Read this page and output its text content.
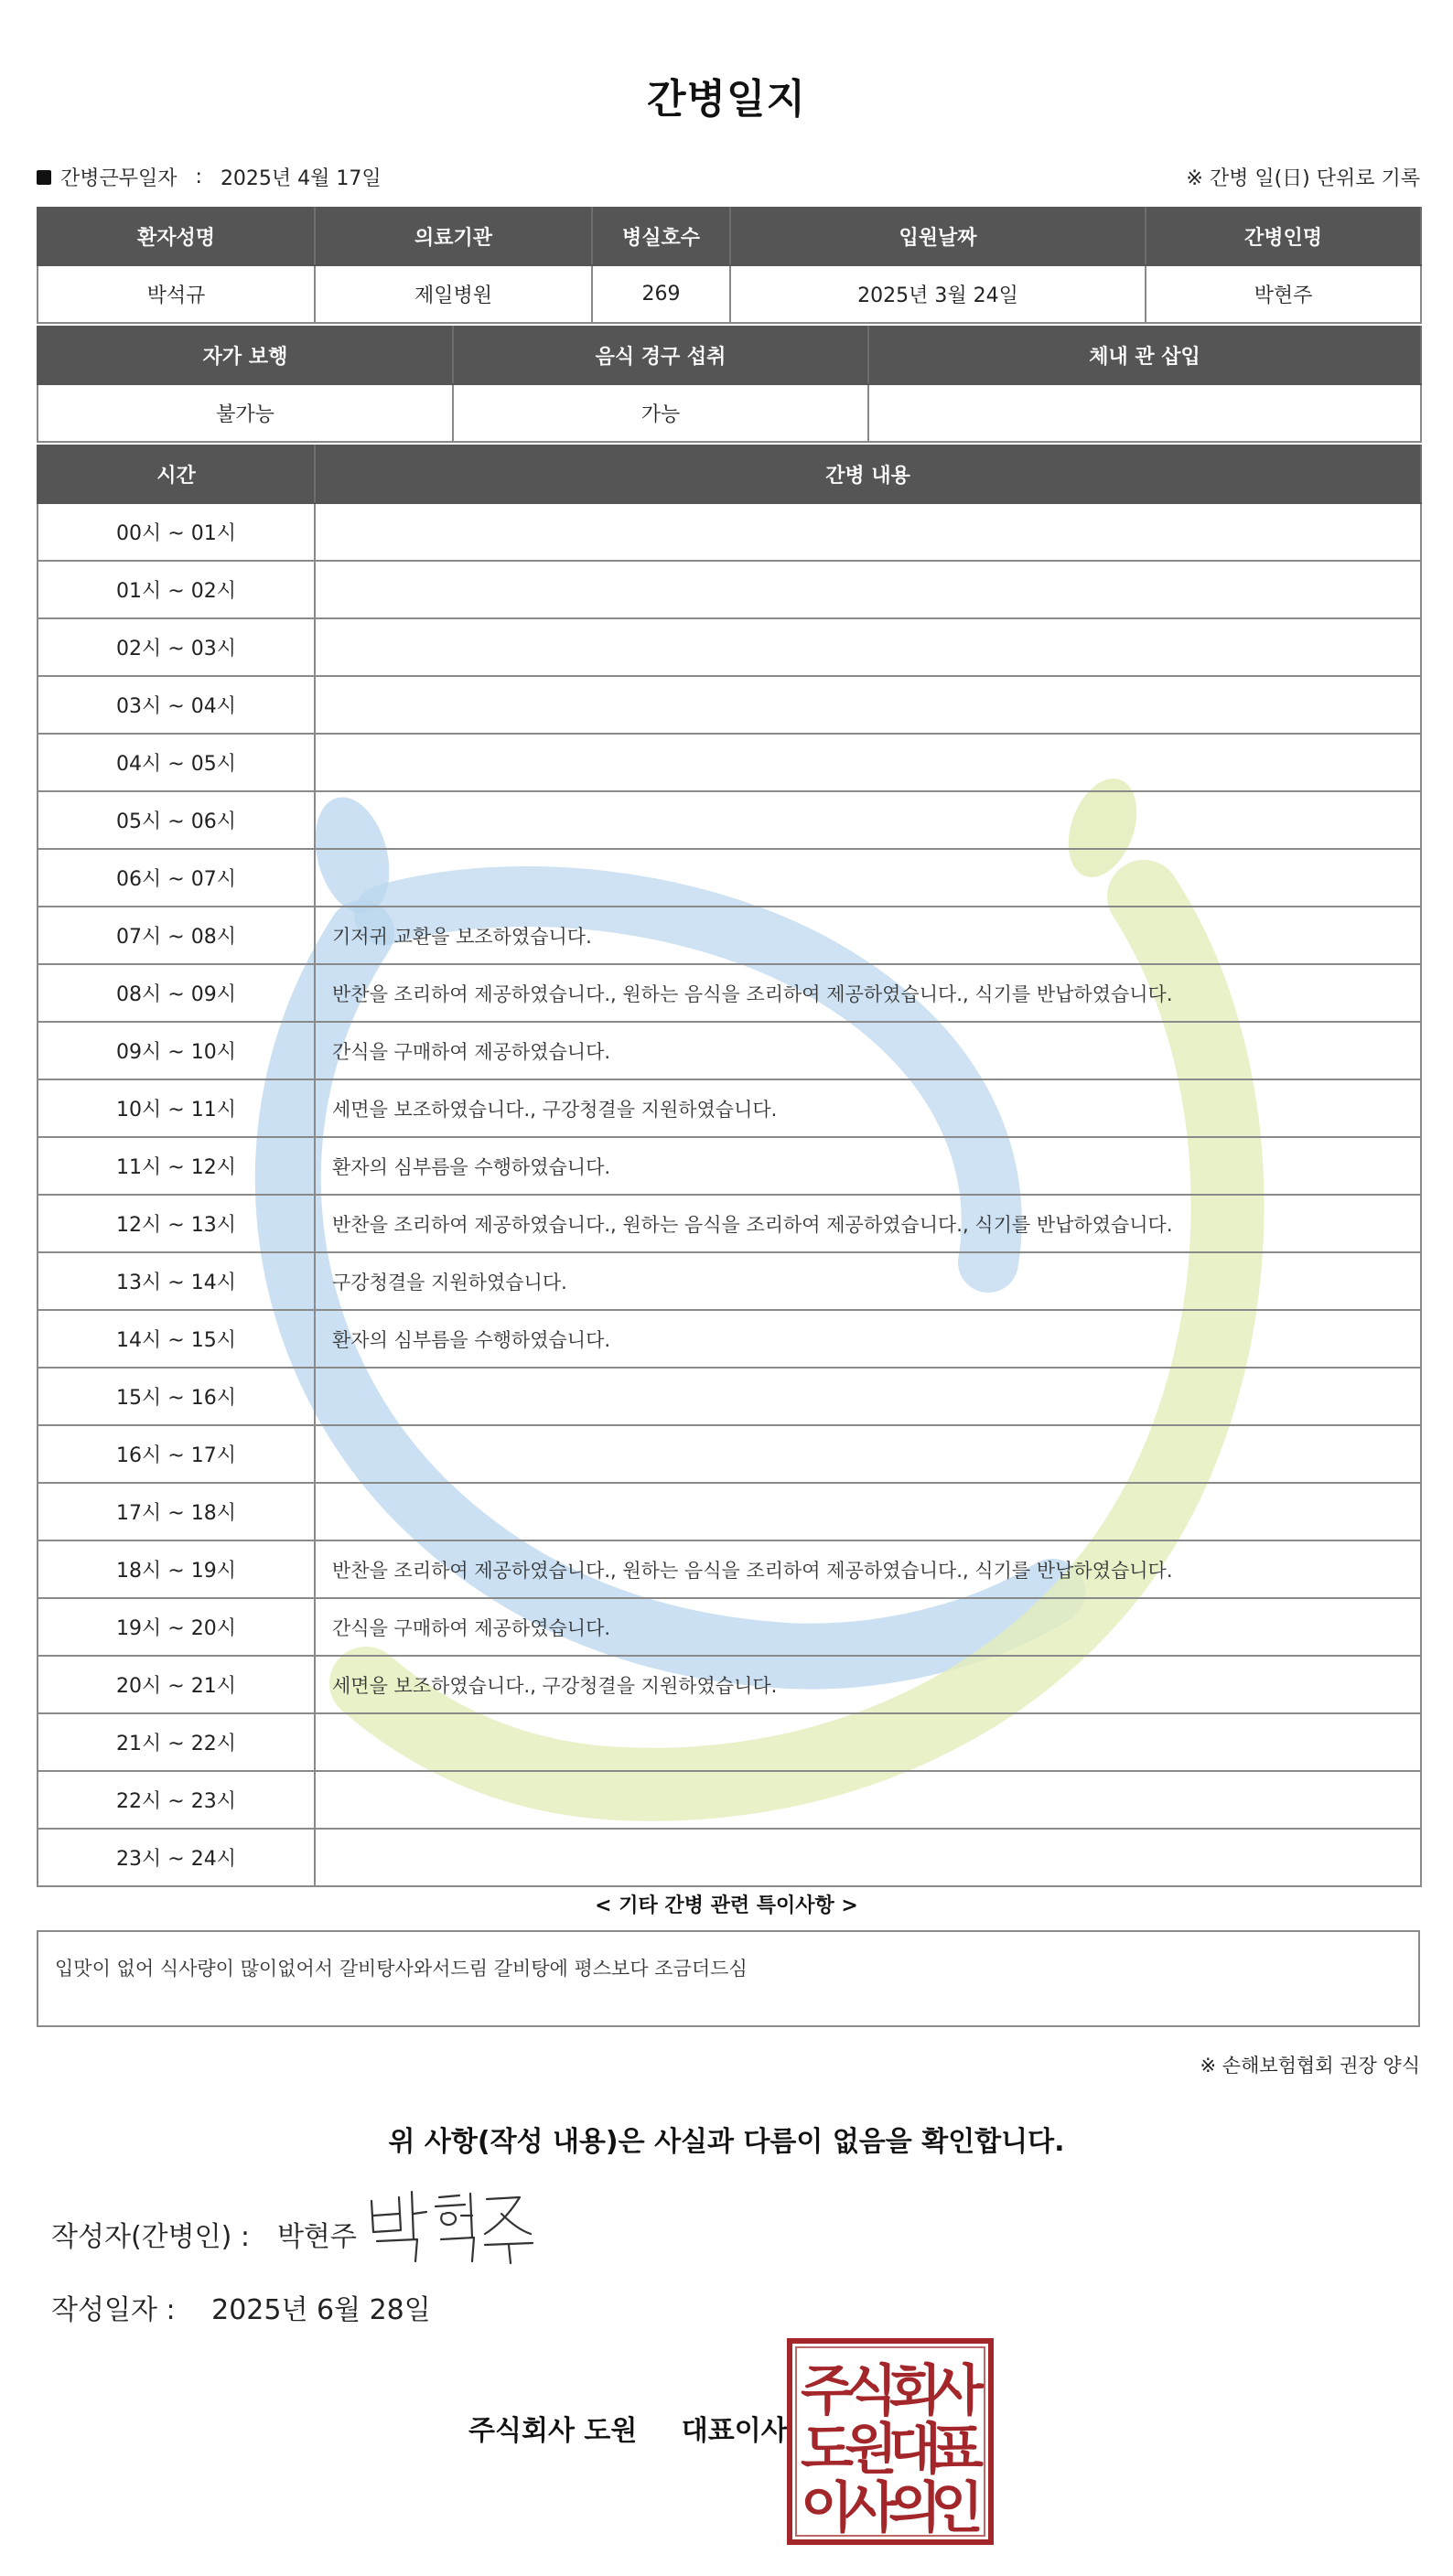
간병일지
간병근무일자 : 2025년 4월 17일	※ 간병 일(日) 단위로 기록
환자성명	의료기관	병실호수	입원날짜	간병인명
박석규	제일병원	269	2025년 3월 24일	박현주
자가 보행	음식 경구 섭취	체내 관 삽입
불가능	가능	
시간	간병 내용
00시 ~ 01시	
01시 ~ 02시	
02시 ~ 03시	
03시 ~ 04시	
04시 ~ 05시	
05시 ~ 06시	
06시 ~ 07시	
07시 ~ 08시	기저귀 교환을 보조하였습니다.
08시 ~ 09시	반찬을 조리하여 제공하였습니다., 원하는 음식을 조리하여 제공하였습니다., 식기를 반납하였습니다.
09시 ~ 10시	간식을 구매하여 제공하였습니다.
10시 ~ 11시	세면을 보조하였습니다., 구강청결을 지원하였습니다.
11시 ~ 12시	환자의 심부름을 수행하였습니다.
12시 ~ 13시	반찬을 조리하여 제공하였습니다., 원하는 음식을 조리하여 제공하였습니다., 식기를 반납하였습니다.
13시 ~ 14시	구강청결을 지원하였습니다.
14시 ~ 15시	환자의 심부름을 수행하였습니다.
15시 ~ 16시	
16시 ~ 17시	
17시 ~ 18시	
18시 ~ 19시	반찬을 조리하여 제공하였습니다., 원하는 음식을 조리하여 제공하였습니다., 식기를 반납하였습니다.
19시 ~ 20시	간식을 구매하여 제공하였습니다.
20시 ~ 21시	세면을 보조하였습니다., 구강청결을 지원하였습니다.
21시 ~ 22시	
22시 ~ 23시	
23시 ~ 24시	
< 기타 간병 관련 특이사항 >
입맛이 없어 식사량이 많이없어서 갈비탕사와서드림 갈비탕에 평스보다 조금더드심
※ 손해보험협회 권장 양식
위 사항(작성 내용)은 사실과 다름이 없음을 확인합니다.
작성자(간병인) : 박현주
작성일자 : 2025년 6월 28일
주식회사 도원 대표이사
주
식
회
사
도
원
대
표
이
사
의
인
